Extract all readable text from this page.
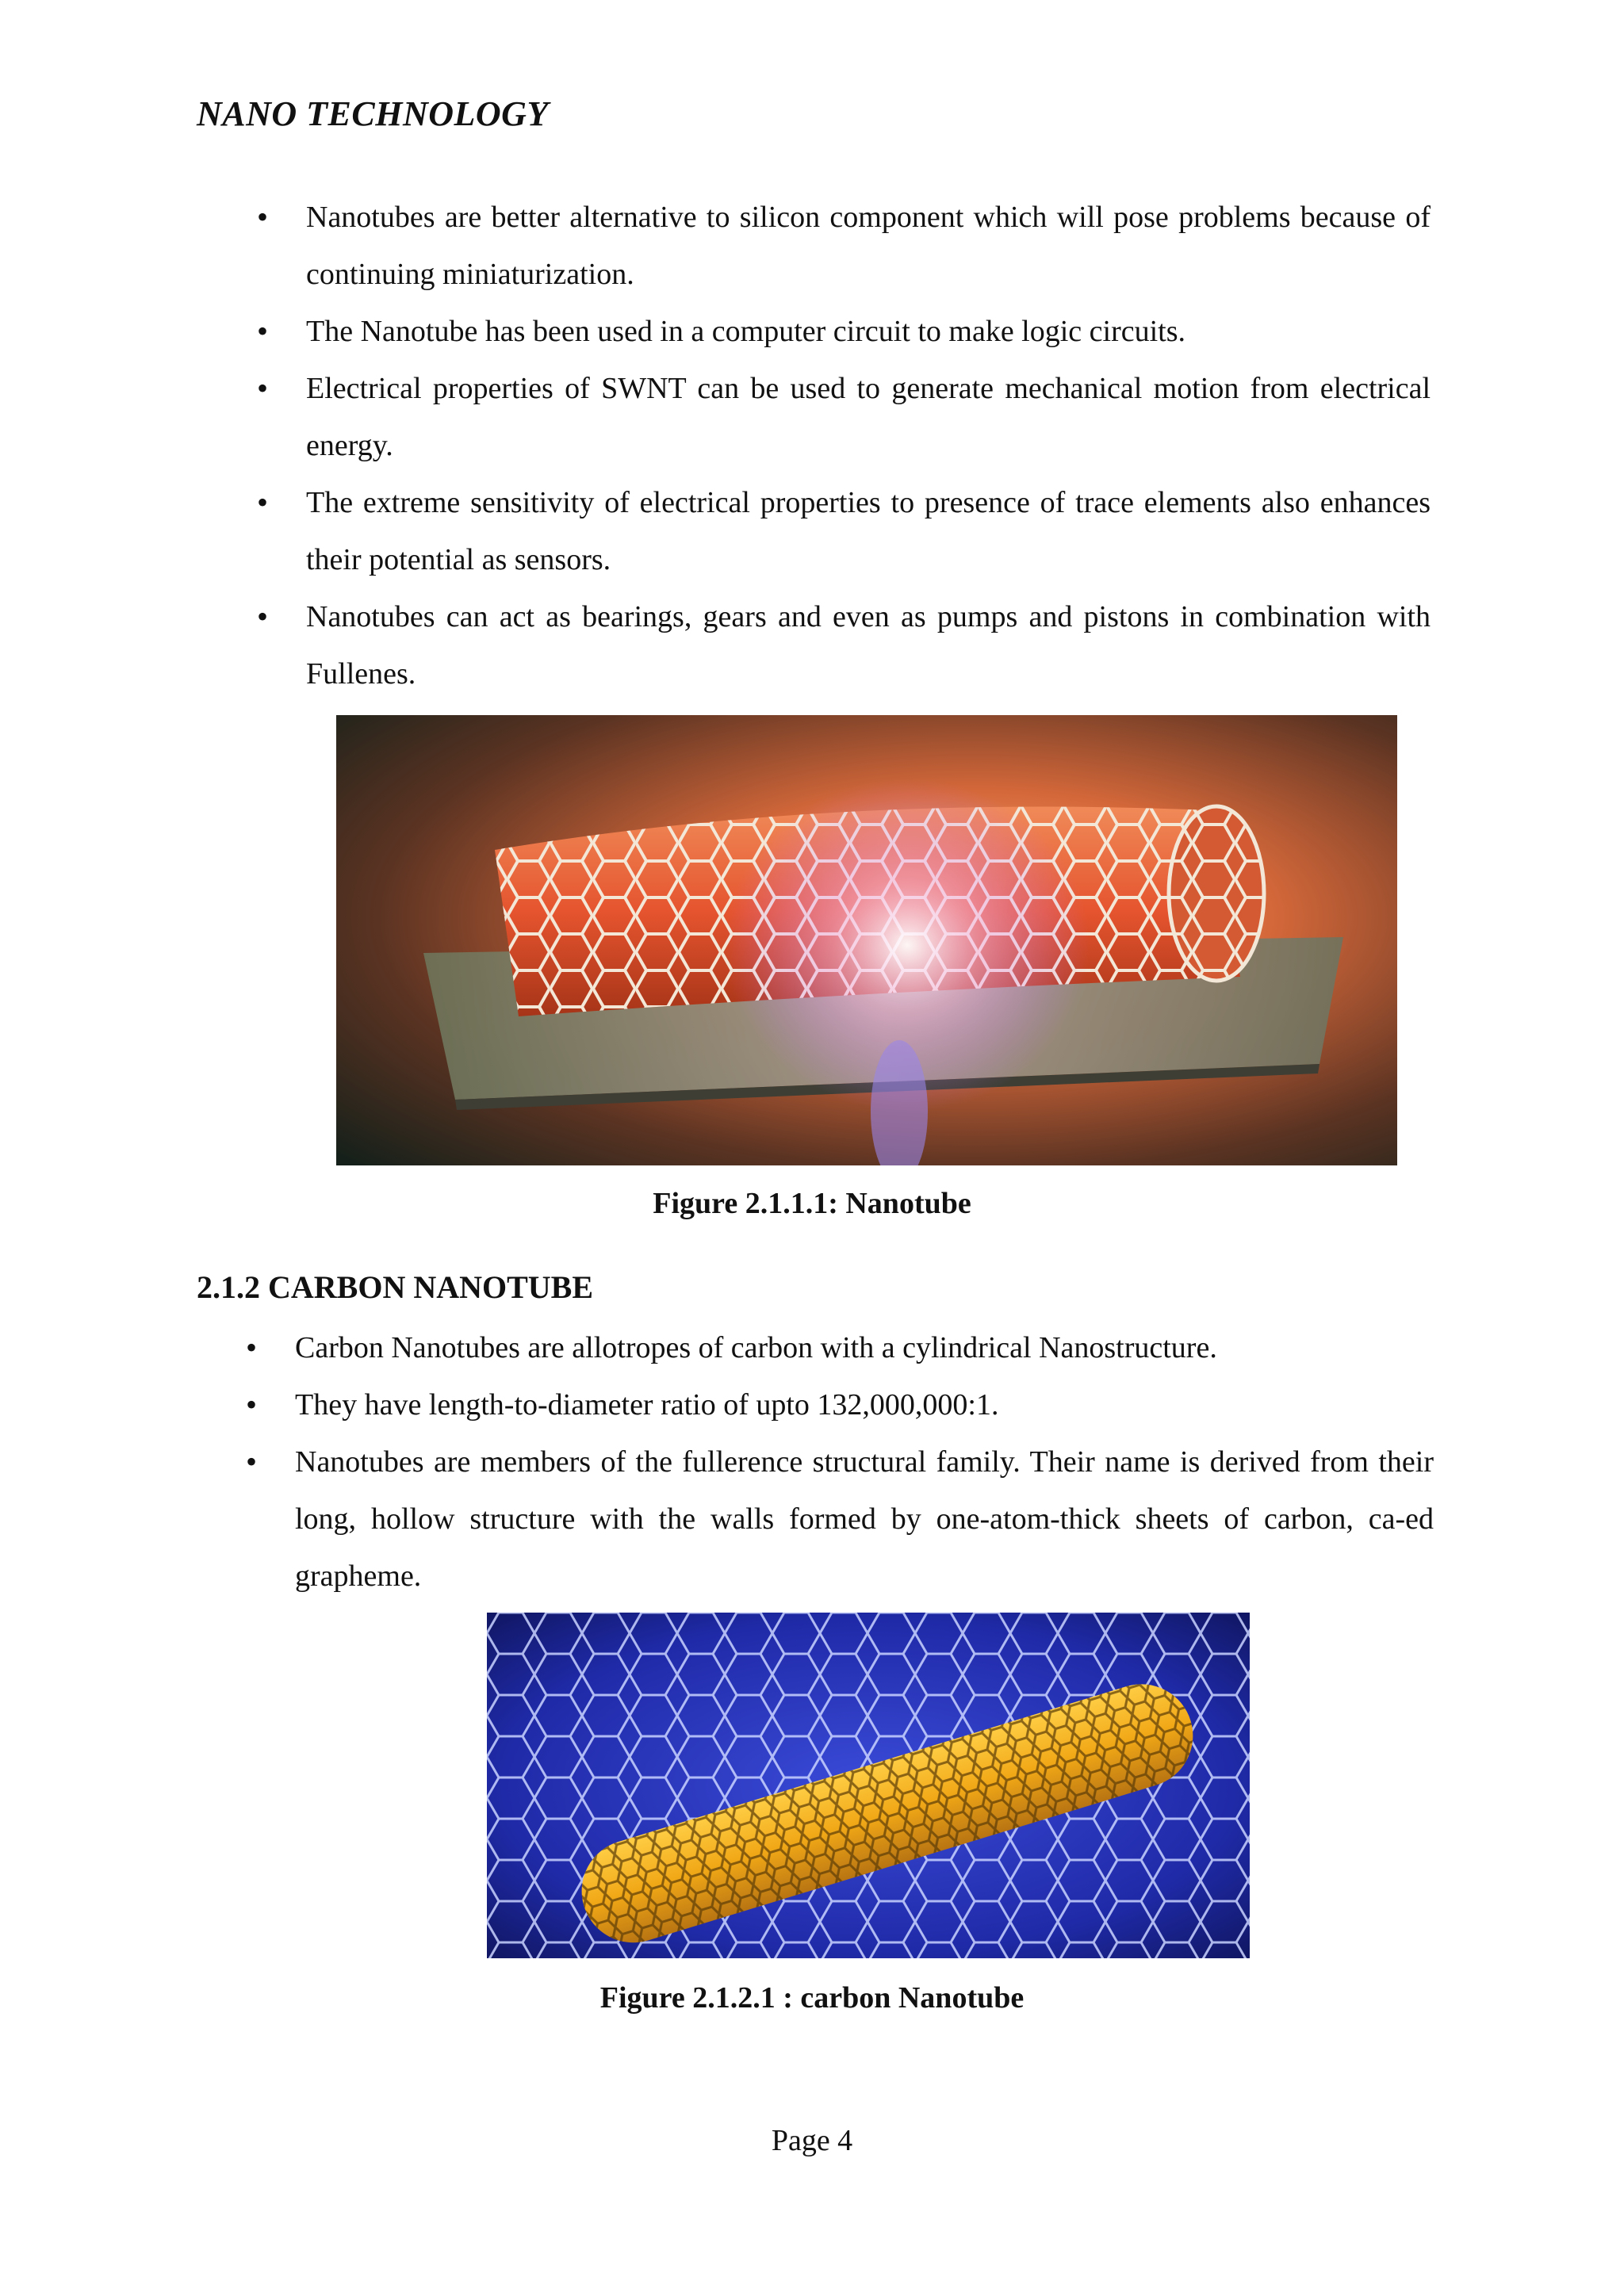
NANO TECHNOLOGY
• Nanotubes are better alternative to silicon component which will pose problems because of continuing miniaturization.
• The Nanotube has been used in a computer circuit to make logic circuits.
• Electrical properties of SWNT can be used to generate mechanical motion from electrical energy.
• The extreme sensitivity of electrical properties to presence of trace elements also enhances their potential as sensors.
• Nanotubes can act as bearings, gears and even as pumps and pistons in combination with Fullenes.
Figure 2.1.1.1: Nanotube
2.1.2 CARBON NANOTUBE
• Carbon Nanotubes are allotropes of carbon with a cylindrical Nanostructure.
• They have length-to-diameter ratio of upto 132,000,000:1.
• Nanotubes are members of the fullerence structural family. Their name is derived from their long, hollow structure with the walls formed by one-atom-thick sheets of carbon, ca-ed grapheme.
Figure 2.1.2.1 : carbon Nanotube
Page 4
